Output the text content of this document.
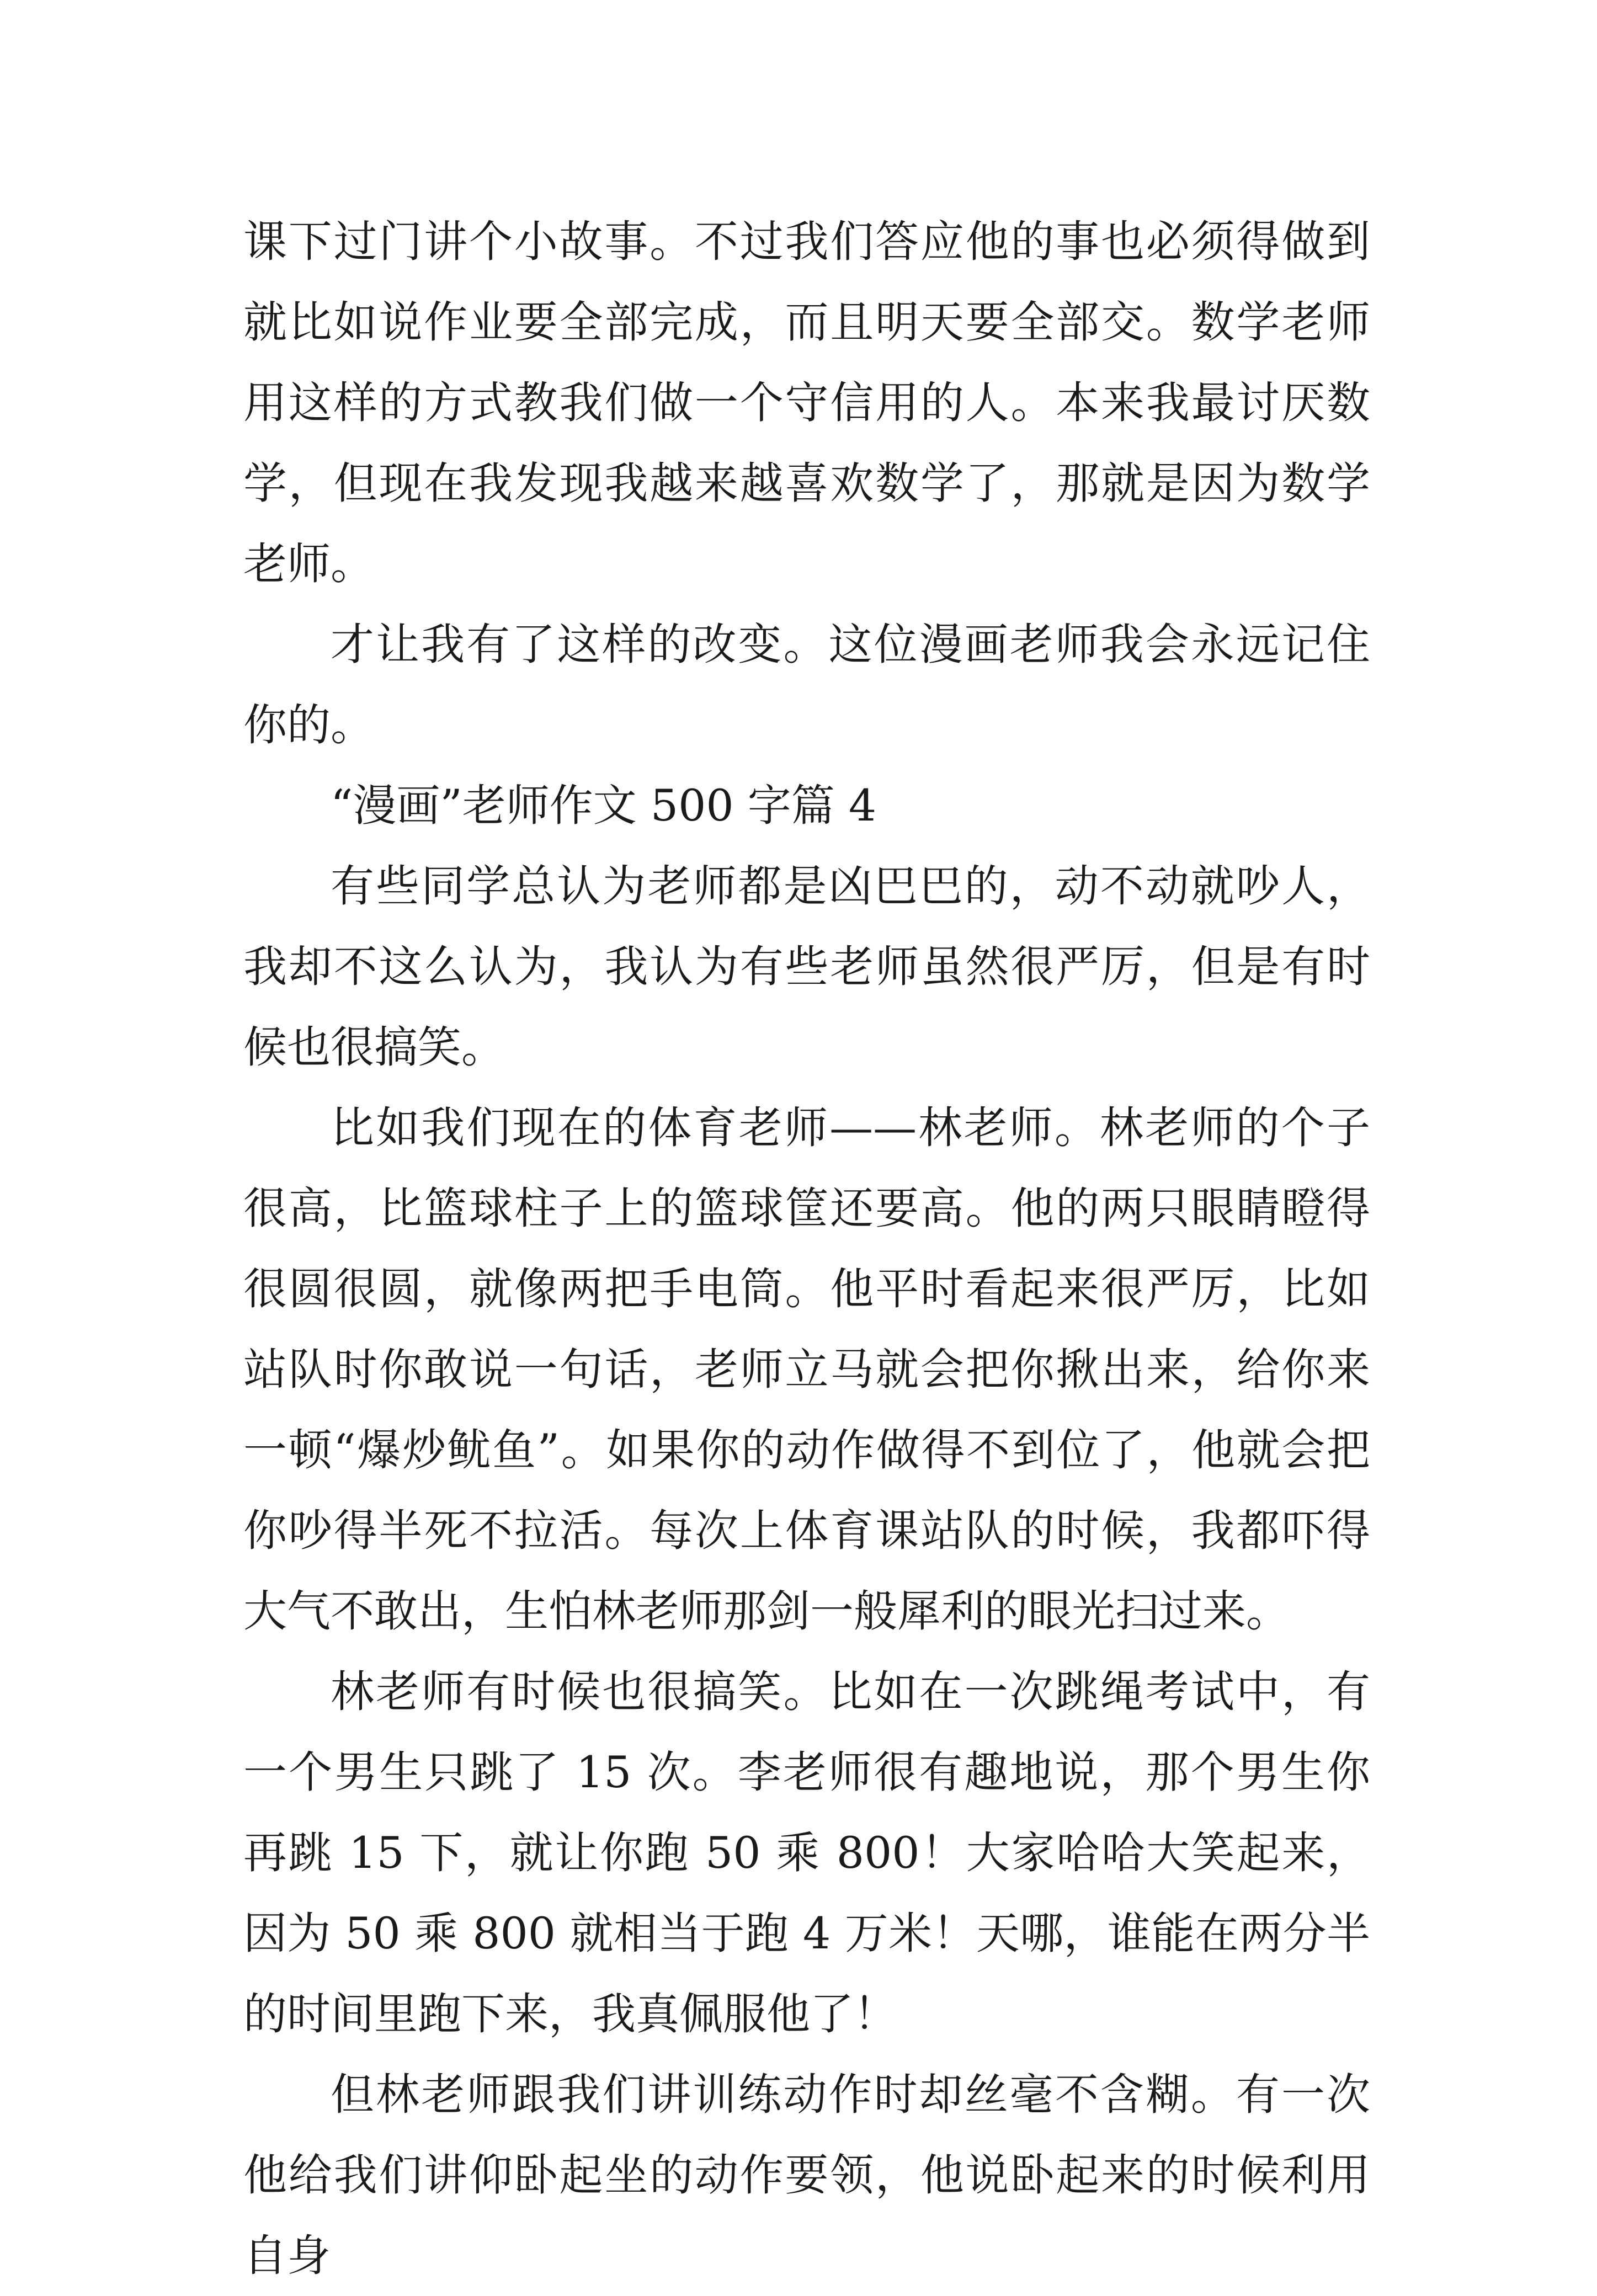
课下过门讲个小故事。不过我们答应他的事也必须得做到就比如说作业要全部完成，而且明天要全部交。数学老师用这样的方式教我们做一个守信用的人。本来我最讨厌数学，但现在我发现我越来越喜欢数学了，那就是因为数学老师。

才让我有了这样的改变。这位漫画老师我会永远记住你的。

“漫画”老师作文 500 字篇 4

有些同学总认为老师都是凶巴巴的，动不动就吵人，我却不这么认为，我认为有些老师虽然很严厉，但是有时候也很搞笑。

比如我们现在的体育老师——林老师。林老师的个子很高，比篮球柱子上的篮球筐还要高。他的两只眼睛瞪得很圆很圆，就像两把手电筒。他平时看起来很严厉，比如站队时你敢说一句话，老师立马就会把你揪出来，给你来一顿“爆炒鱿鱼”。如果你的动作做得不到位了，他就会把你吵得半死不拉活。每次上体育课站队的时候，我都吓得大气不敢出，生怕林老师那剑一般犀利的眼光扫过来。

林老师有时候也很搞笑。比如在一次跳绳考试中，有一个男生只跳了 15 次。李老师很有趣地说，那个男生你再跳 15 下，就让你跑 50 乘 800！大家哈哈大笑起来，因为 50 乘 800 就相当于跑 4 万米！天哪，谁能在两分半的时间里跑下来，我真佩服他了！

但林老师跟我们讲训练动作时却丝毫不含糊。有一次他给我们讲仰卧起坐的动作要领，他说卧起来的时候利用自身
